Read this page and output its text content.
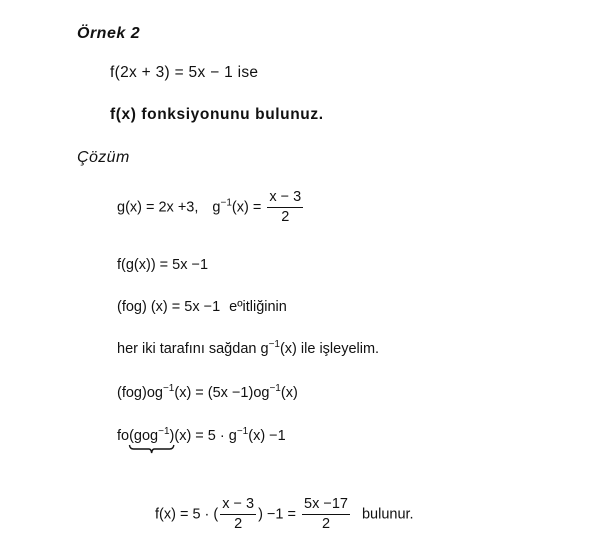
Örnek 2
f(2x + 3) = 5x − 1 ise
f(x) fonksiyonunu bulunuz.
Çözüm
g(x) = 2x +3, $g^{-1}(x) = \frac{x - 3}{2}$
f(g(x)) = 5x −1
(fog) (x) = 5x −1 eºitliğinin
her iki tarafını sağdan $g^{-1}(x)$ ile işleyelim.
$(fog)og^{-1}(x) = (5x -1)og^{-1}(x)$
fo(gog$^{-1}$)
$(x) = 5 \cdot g^{-1}(x) -1$
f(x) = 5 · ( $\frac{x - 3}{2}$ ) $-1 = \frac{5x -17}{2}$ bulunur.
